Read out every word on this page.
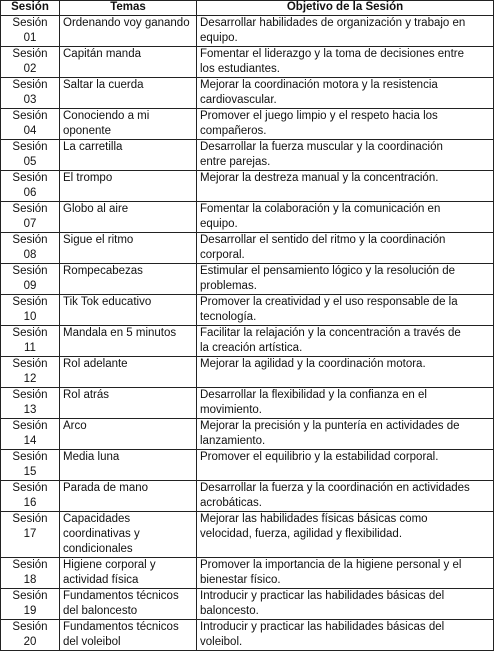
Sesión	Temas	Objetivo de la Sesión

Sesión
01	Ordenando voy ganando	Desarrollar habilidades de organización y trabajo en
equipo.

Sesión
02	Capitán manda	Fomentar el liderazgo y la toma de decisiones entre
los estudiantes.

Sesión
03	Saltar la cuerda	Mejorar la coordinación motora y la resistencia
cardiovascular.

Sesión
04	Conociendo a mi
oponente	Promover el juego limpio y el respeto hacia los
compañeros.

Sesión
05	La carretilla	Desarrollar la fuerza muscular y la coordinación
entre parejas.

Sesión
06	El trompo	Mejorar la destreza manual y la concentración.

Sesión
07	Globo al aire	Fomentar la colaboración y la comunicación en
equipo.

Sesión
08	Sigue el ritmo	Desarrollar el sentido del ritmo y la coordinación
corporal.

Sesión
09	Rompecabezas	Estimular el pensamiento lógico y la resolución de
problemas.

Sesión
10	Tik Tok educativo	Promover la creatividad y el uso responsable de la
tecnología.

Sesión
11	Mandala en 5 minutos	Facilitar la relajación y la concentración a través de
la creación artística.

Sesión
12	Rol adelante	Mejorar la agilidad y la coordinación motora.

Sesión
13	Rol atrás	Desarrollar la flexibilidad y la confianza en el
movimiento.

Sesión
14	Arco	Mejorar la precisión y la puntería en actividades de
lanzamiento.

Sesión
15	Media luna	Promover el equilibrio y la estabilidad corporal.

Sesión
16	Parada de mano	Desarrollar la fuerza y la coordinación en actividades
acrobáticas.

Sesión
17	Capacidades
coordinativas y
condicionales	Mejorar las habilidades físicas básicas como
velocidad, fuerza, agilidad y flexibilidad.

Sesión
18	Higiene corporal y
actividad física	Promover la importancia de la higiene personal y el
bienestar físico.

Sesión
19	Fundamentos técnicos
del baloncesto	Introducir y practicar las habilidades básicas del
baloncesto.

Sesión
20	Fundamentos técnicos
del voleibol	Introducir y practicar las habilidades básicas del
voleibol.
